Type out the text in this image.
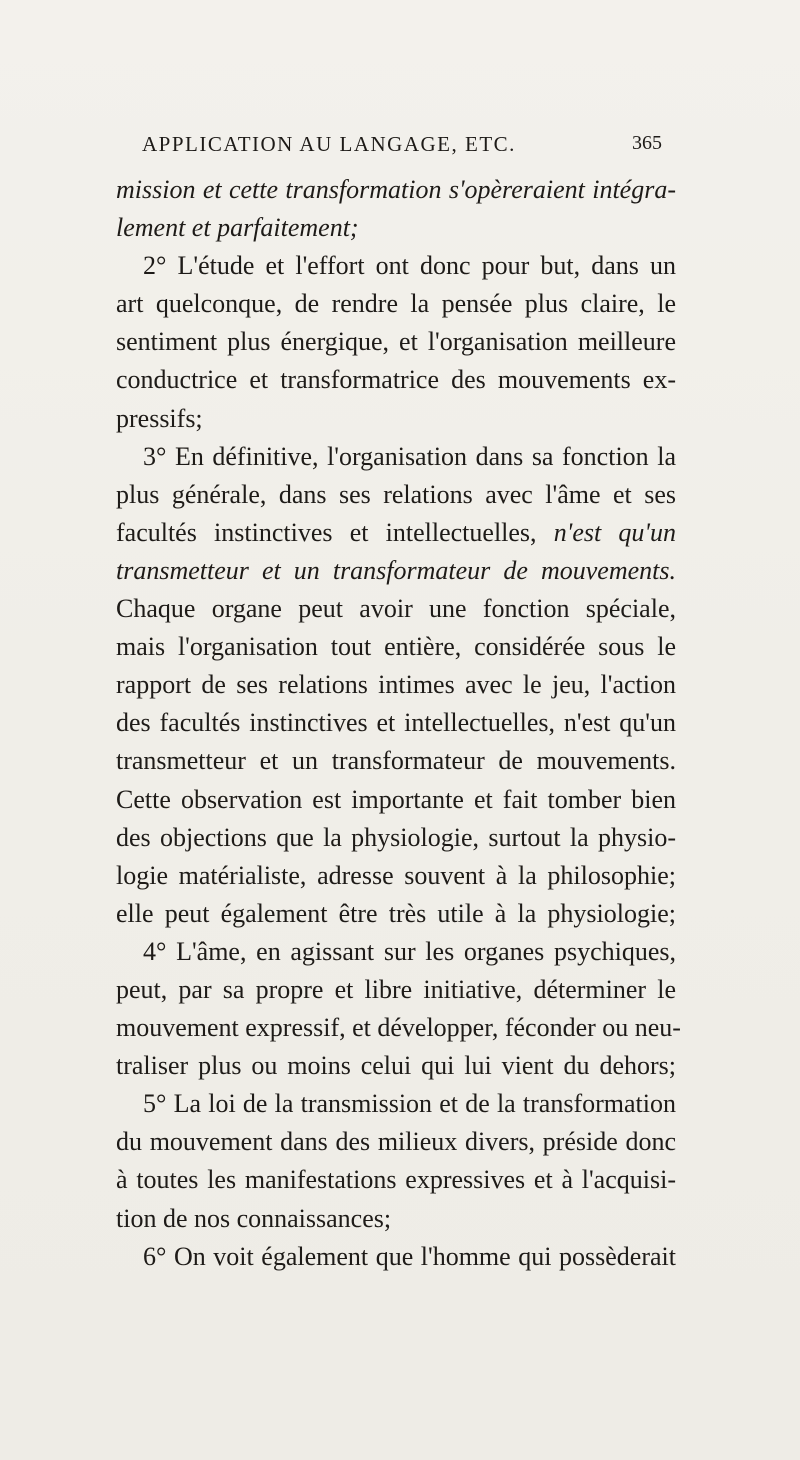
APPLICATION AU LANGAGE, ETC.	365
mission et cette transformation s'opèreraient intégra-
lement et parfaitement;
2° L'étude et l'effort ont donc pour but, dans un
art quelconque, de rendre la pensée plus claire, le
sentiment plus énergique, et l'organisation meilleure
conductrice et transformatrice des mouvements ex-
pressifs;
3° En définitive, l'organisation dans sa fonction la
plus générale, dans ses relations avec l'âme et ses
facultés instinctives et intellectuelles, n'est qu'un
transmetteur et un transformateur de mouvements.
Chaque organe peut avoir une fonction spéciale,
mais l'organisation tout entière, considérée sous le
rapport de ses relations intimes avec le jeu, l'action
des facultés instinctives et intellectuelles, n'est qu'un
transmetteur et un transformateur de mouvements.
Cette observation est importante et fait tomber bien
des objections que la physiologie, surtout la physio-
logie matérialiste, adresse souvent à la philosophie;
elle peut également être très utile à la physiologie;
4° L'âme, en agissant sur les organes psychiques,
peut, par sa propre et libre initiative, déterminer le
mouvement expressif, et développer, féconder ou neu-
traliser plus ou moins celui qui lui vient du dehors;
5° La loi de la transmission et de la transformation
du mouvement dans des milieux divers, préside donc
à toutes les manifestations expressives et à l'acquisi-
tion de nos connaissances;
6° On voit également que l'homme qui possèderait
